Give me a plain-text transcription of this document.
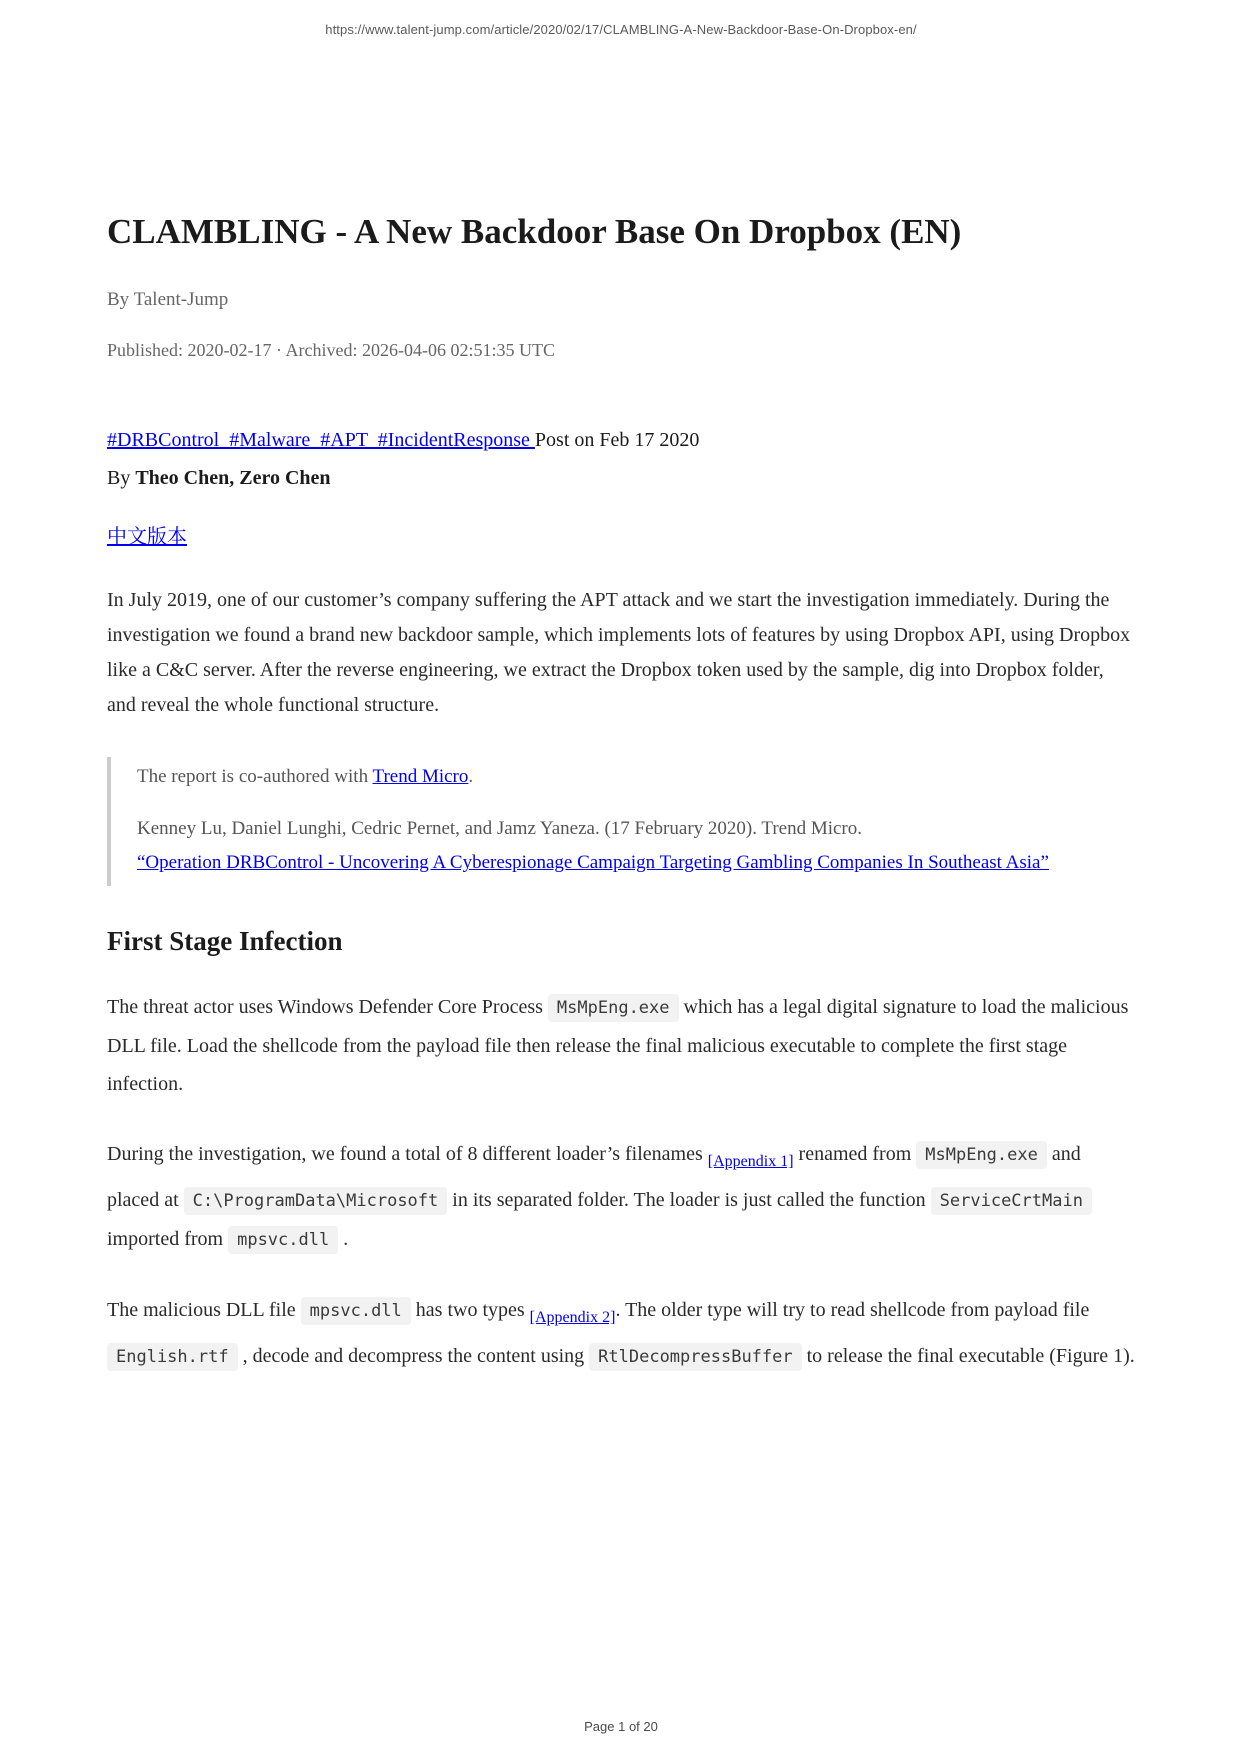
https://www.talent-jump.com/article/2020/02/17/CLAMBLING-A-New-Backdoor-Base-On-Dropbox-en/
CLAMBLING - A New Backdoor Base On Dropbox (EN)

By Talent-Jump

Published: 2020-02-17 · Archived: 2026-04-06 02:51:35 UTC

#DRBControl  #Malware  #APT  #IncidentResponse Post on Feb 17 2020

By Theo Chen, Zero Chen

中文版本

In July 2019, one of our customer’s company suffering the APT attack and we start the investigation immediately. During the investigation we found a brand new backdoor sample, which implements lots of features by using Dropbox API, using Dropbox like a C&C server. After the reverse engineering, we extract the Dropbox token used by the sample, dig into Dropbox folder, and reveal the whole functional structure.

The report is co-authored with Trend Micro.

Kenney Lu, Daniel Lunghi, Cedric Pernet, and Jamz Yaneza. (17 February 2020). Trend Micro.
“Operation DRBControl - Uncovering A Cyberespionage Campaign Targeting Gambling Companies In Southeast Asia”

First Stage Infection

The threat actor uses Windows Defender Core Process MsMpEng.exe which has a legal digital signature to load the malicious DLL file. Load the shellcode from the payload file then release the final malicious executable to complete the first stage infection.

During the investigation, we found a total of 8 different loader’s filenames $_{[Appendix 1]}$ renamed from MsMpEng.exe and placed at C:\ProgramData\Microsoft in its separated folder. The loader is just called the function ServiceCrtMain imported from mpsvc.dll .

The malicious DLL file mpsvc.dll has two types $_{[Appendix 2]}$. The older type will try to read shellcode from payload file English.rtf , decode and decompress the content using RtlDecompressBuffer to release the final executable (Figure 1).

Page 1 of 20
